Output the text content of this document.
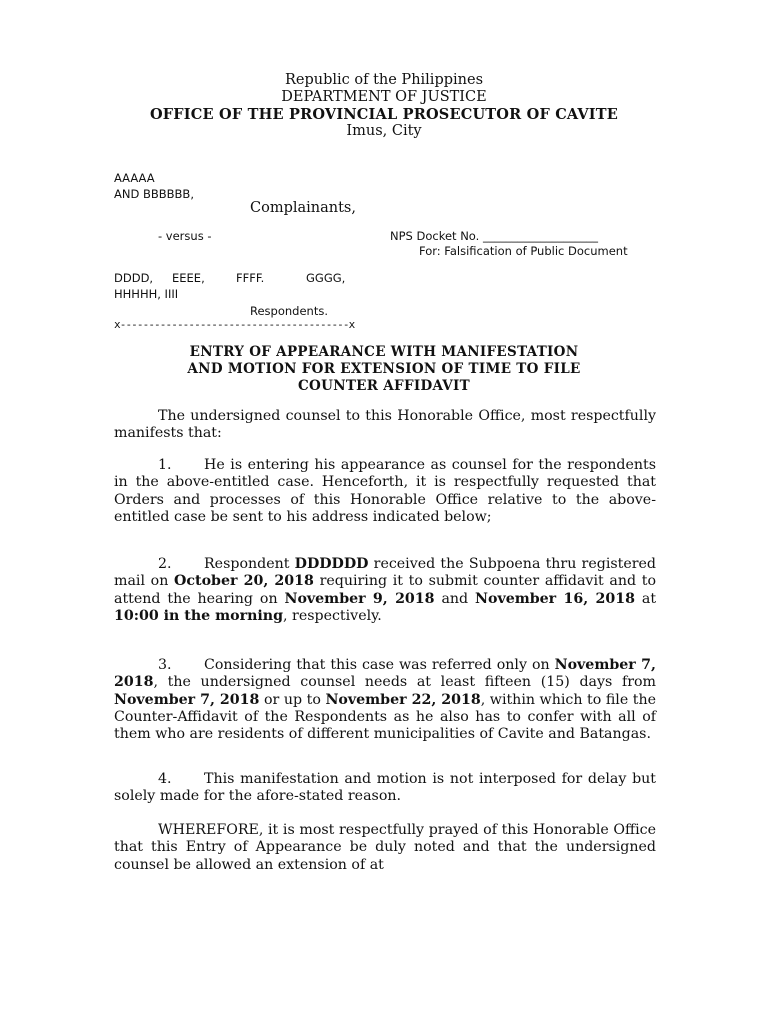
Republic of the Philippines
DEPARTMENT OF JUSTICE
OFFICE OF THE PROVINCIAL PROSECUTOR OF CAVITE
Imus, City
AAAAA
AND BBBBBB,
Complainants,
- versus -	NPS Docket No. ____________________
For: Falsification of Public Document
DDDD, EEEE,	FFFF.	GGGG,
HHHHH, IIII
Respondents.
x----------------------------------------x
ENTRY OF APPEARANCE WITH MANIFESTATION
AND MOTION FOR EXTENSION OF TIME TO FILE
COUNTER AFFIDAVIT
The undersigned counsel to this Honorable Office, most respectfully manifests that:
1. He is entering his appearance as counsel for the respondents in the above-entitled case. Henceforth, it is respectfully requested that Orders and processes of this Honorable Office relative to the above-entitled case be sent to his address indicated below;
2. Respondent DDDDDD received the Subpoena thru registered mail on October 20, 2018 requiring it to submit counter affidavit and to attend the hearing on November 9, 2018 and November 16, 2018 at 10:00 in the morning, respectively.
3. Considering that this case was referred only on November 7, 2018, the undersigned counsel needs at least fifteen (15) days from November 7, 2018 or up to November 22, 2018, within which to file the Counter-Affidavit of the Respondents as he also has to confer with all of them who are residents of different municipalities of Cavite and Batangas.
4. This manifestation and motion is not interposed for delay but solely made for the afore-stated reason.
WHEREFORE, it is most respectfully prayed of this Honorable Office that this Entry of Appearance be duly noted and that the undersigned counsel be allowed an extension of at
